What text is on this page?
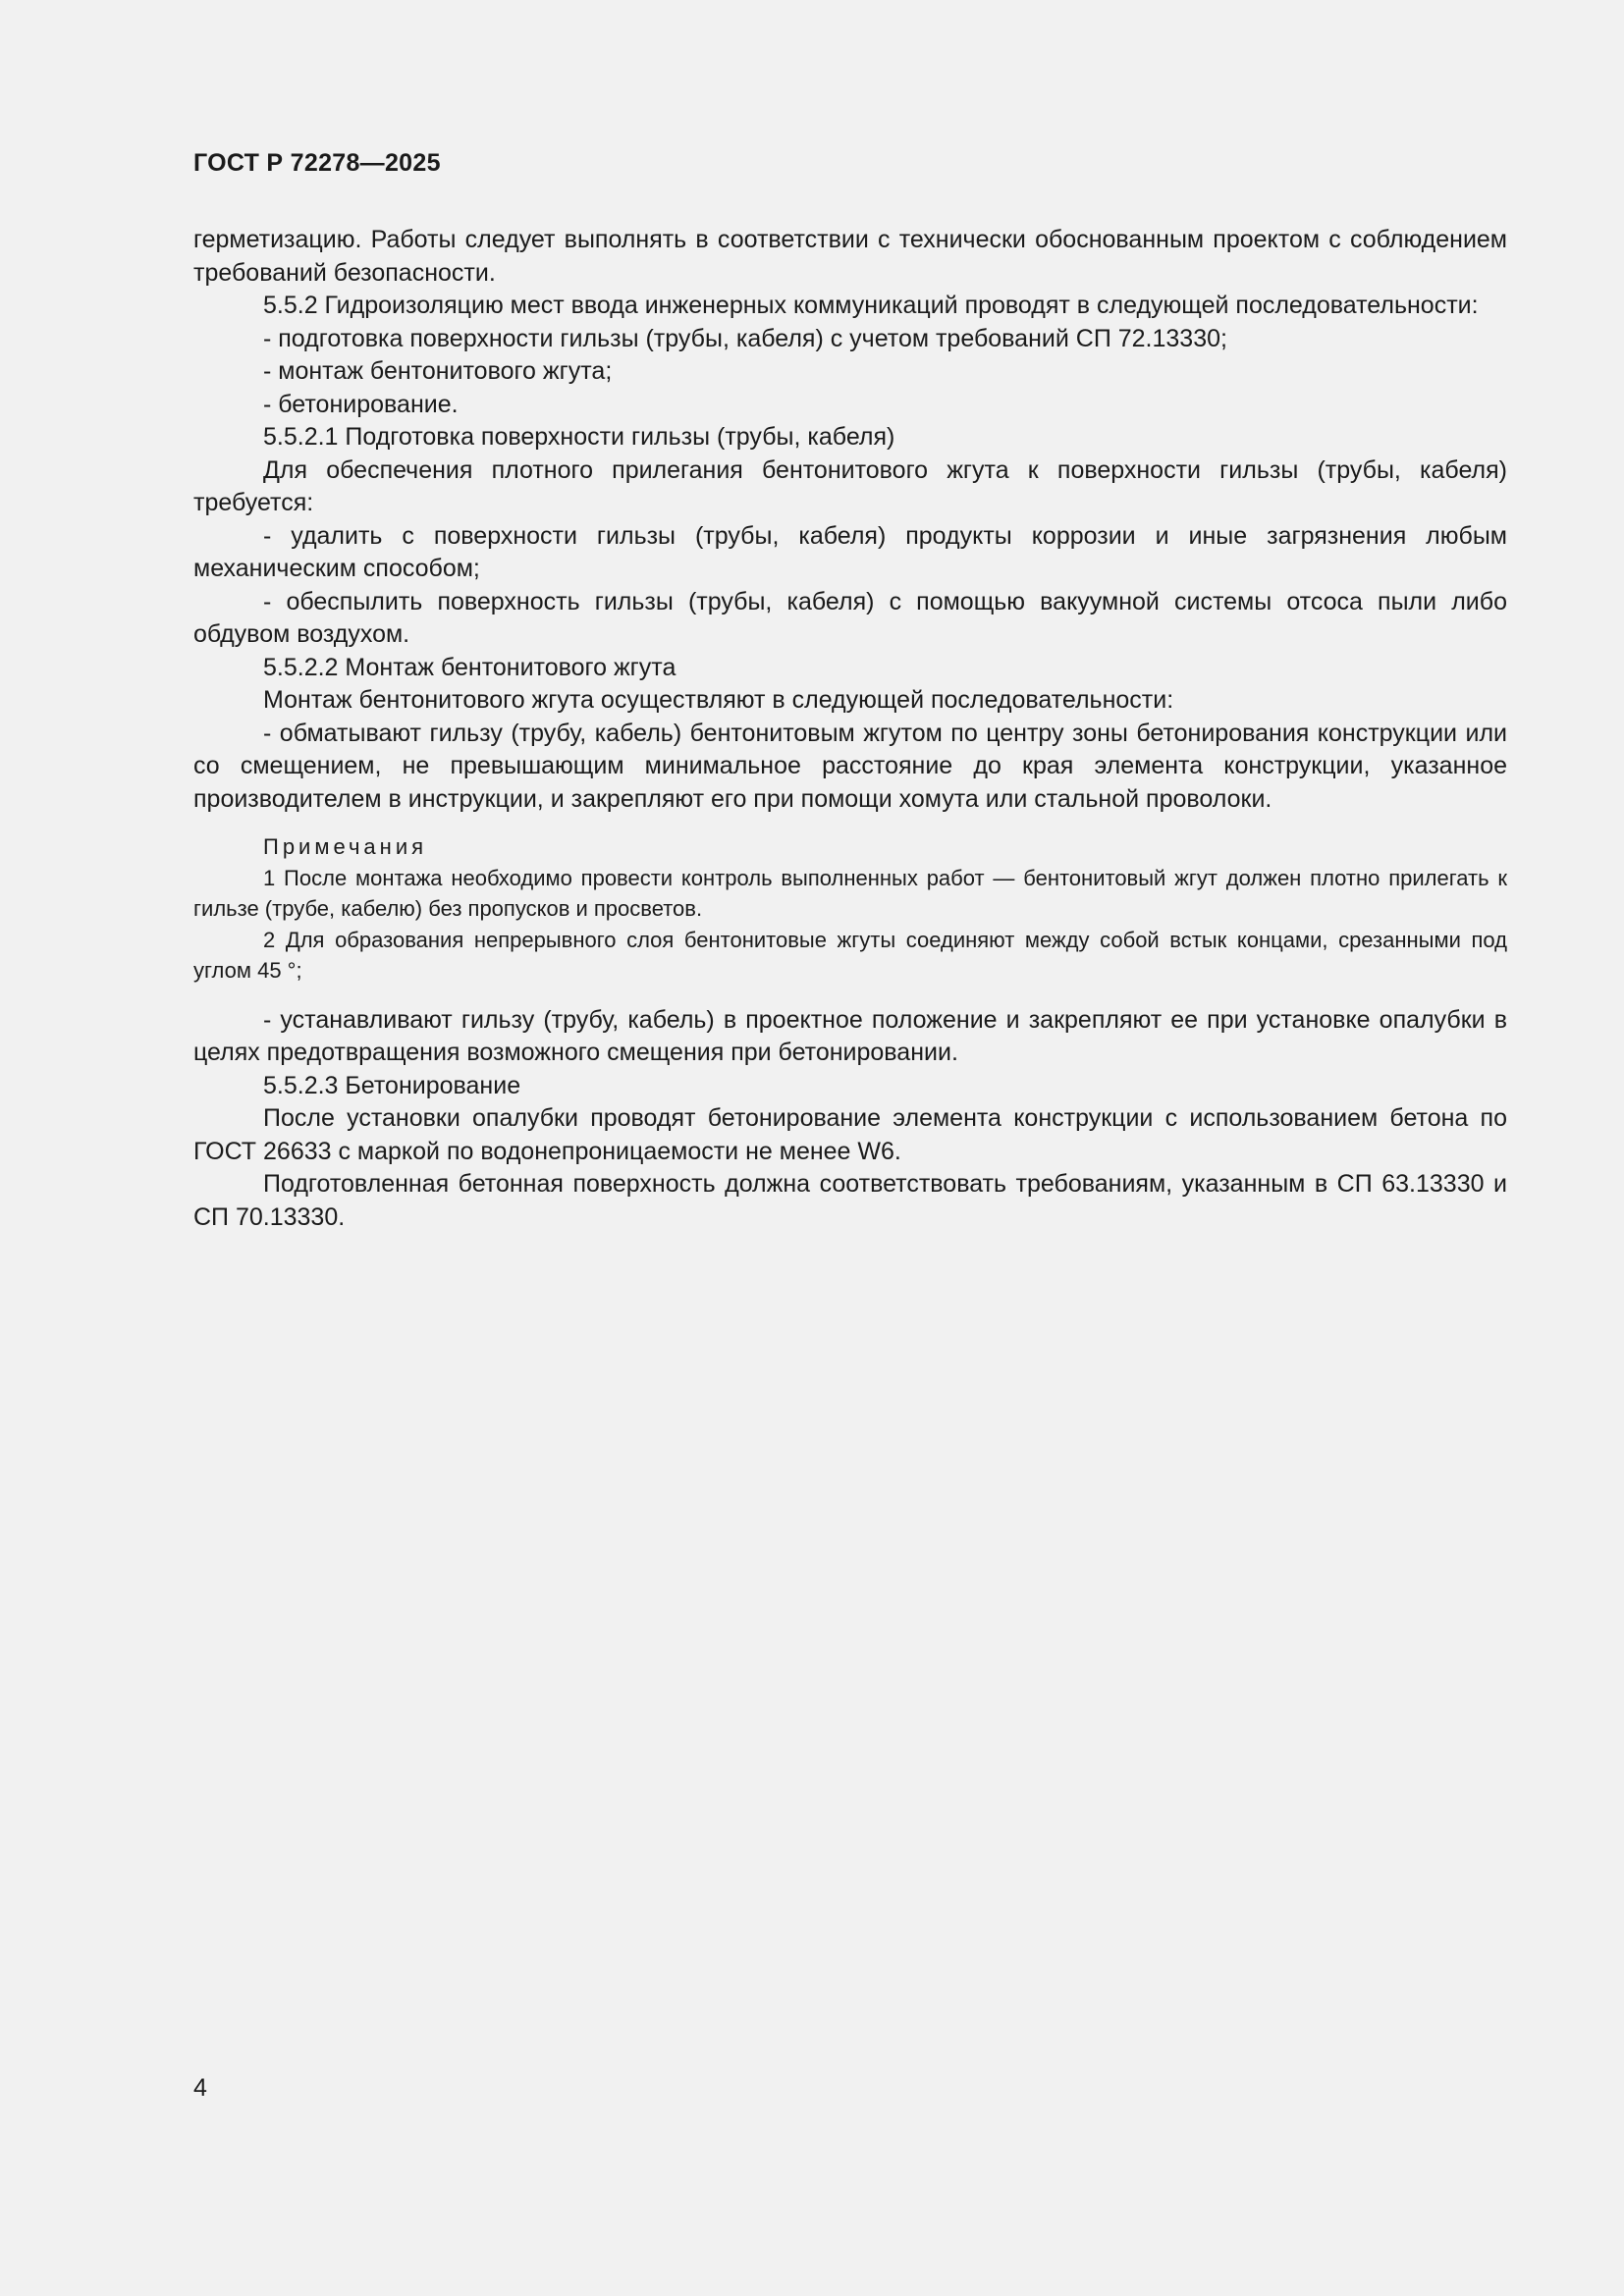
ГОСТ Р 72278—2025

герметизацию. Работы следует выполнять в соответствии с технически обоснованным проектом с соблюдением требований безопасности.

5.5.2 Гидроизоляцию мест ввода инженерных коммуникаций проводят в следующей последовательности:

- подготовка поверхности гильзы (трубы, кабеля) с учетом требований СП 72.13330;

- монтаж бентонитового жгута;

- бетонирование.

5.5.2.1 Подготовка поверхности гильзы (трубы, кабеля)

Для обеспечения плотного прилегания бентонитового жгута к поверхности гильзы (трубы, кабеля) требуется:

- удалить с поверхности гильзы (трубы, кабеля) продукты коррозии и иные загрязнения любым механическим способом;

- обеспылить поверхность гильзы (трубы, кабеля) с помощью вакуумной системы отсоса пыли либо обдувом воздухом.

5.5.2.2 Монтаж бентонитового жгута

Монтаж бентонитового жгута осуществляют в следующей последовательности:

- обматывают гильзу (трубу, кабель) бентонитовым жгутом по центру зоны бетонирования конструкции или со смещением, не превышающим минимальное расстояние до края элемента конструкции, указанное производителем в инструкции, и закрепляют его при помощи хомута или стальной проволоки.

Примечания

1 После монтажа необходимо провести контроль выполненных работ — бентонитовый жгут должен плотно прилегать к гильзе (трубе, кабелю) без пропусков и просветов.

2 Для образования непрерывного слоя бентонитовые жгуты соединяют между собой встык концами, срезанными под углом 45 °;

- устанавливают гильзу (трубу, кабель) в проектное положение и закрепляют ее при установке опалубки в целях предотвращения возможного смещения при бетонировании.

5.5.2.3 Бетонирование

После установки опалубки проводят бетонирование элемента конструкции с использованием бетона по ГОСТ 26633 с маркой по водонепроницаемости не менее W6.

Подготовленная бетонная поверхность должна соответствовать требованиям, указанным в СП 63.13330 и СП 70.13330.

4
